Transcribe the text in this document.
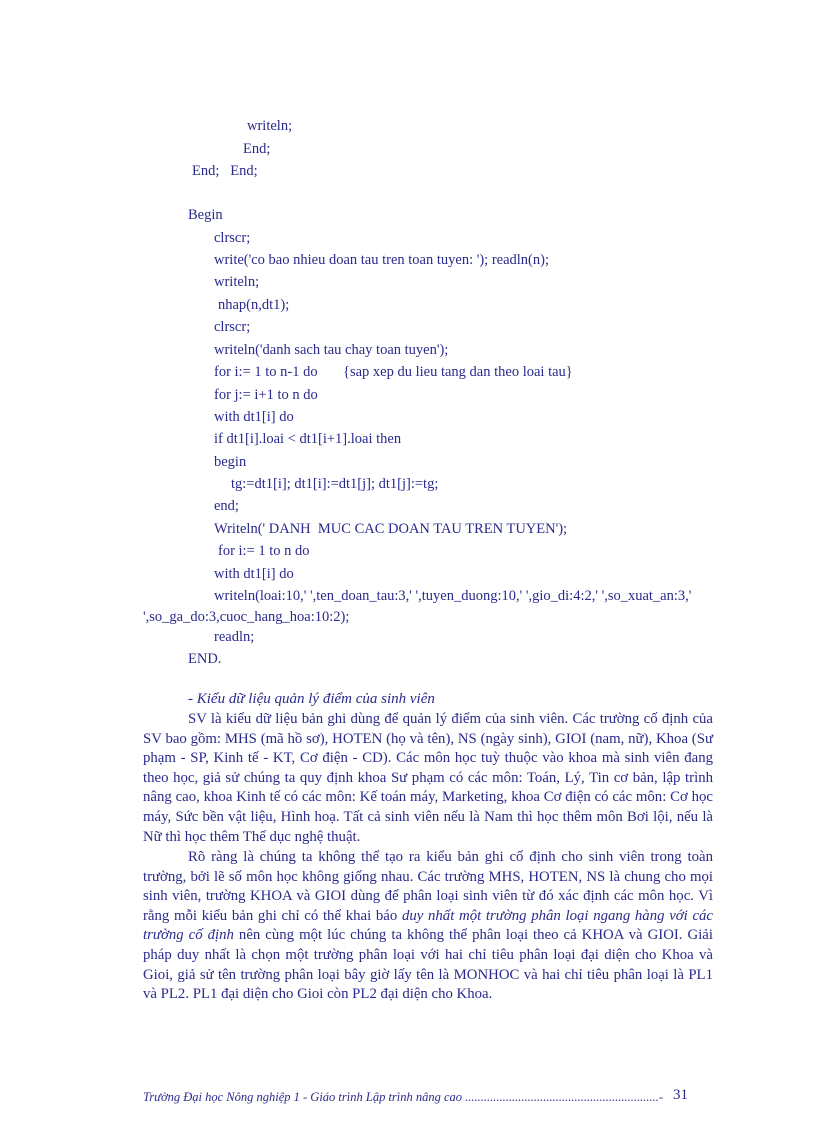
writeln;
End;
End;   End;
Begin
clrscr;
write('co bao nhieu doan tau tren toan tuyen: '); readln(n);
writeln;
nhap(n,dt1);
clrscr;
writeln('danh sach tau chay toan tuyen');
for i:= 1 to n-1 do       {sap xep du lieu tang dan theo loai tau}
for j:= i+1 to n do
with dt1[i] do
if dt1[i].loai < dt1[i+1].loai then
begin
tg:=dt1[i]; dt1[i]:=dt1[j]; dt1[j]:=tg;
end;
Writeln(' DANH  MUC CAC DOAN TAU TREN TUYEN');
for i:= 1 to n do
with dt1[i] do
writeln(loai:10,' ',ten_doan_tau:3,' ',tuyen_duong:10,' ',gio_di:4:2,' ',so_xuat_an:3,'
',so_ga_do:3,cuoc_hang_hoa:10:2);
readln;
END.
- Kiểu dữ liệu quản lý điểm của sinh viên

SV là kiểu dữ liệu bản ghi dùng để quản lý điểm của sinh viên. Các trường cố định của SV bao gồm: MHS (mã hồ sơ), HOTEN (họ và tên), NS (ngày sinh), GIOI (nam, nữ), Khoa (Sư phạm - SP, Kinh tế - KT, Cơ điện - CD). Các môn học tuỳ thuộc vào khoa mà sinh viên đang theo học, giả sử chúng ta quy định khoa Sư phạm có các môn: Toán, Lý, Tin cơ bản, lập trình nâng cao, khoa Kinh tế có các môn: Kế toán máy, Marketing, khoa Cơ điện có các môn: Cơ học máy, Sức bền vật liệu, Hình hoạ. Tất cả sinh viên nếu là Nam thì học thêm môn Bơi lội, nếu là Nữ thì học thêm Thể dục nghệ thuật.

Rõ ràng là chúng ta không thể tạo ra kiểu bản ghi cố định cho sinh viên trong toàn trường, bởi lẽ số môn học không giống nhau. Các trường MHS, HOTEN, NS là chung cho mọi sinh viên, trường KHOA và GIOI dùng để phân loại sinh viên từ đó xác định các môn học. Vì rằng mỗi kiểu bản ghi chỉ có thể khai báo duy nhất một trường phân loại ngang hàng với các trường cố định nên cùng một lúc chúng ta không thể phân loại theo cả KHOA và GIOI. Giải pháp duy nhất là chọn một trường phân loại với hai chỉ tiêu phân loại đại diện cho Khoa và Gioi, giả sử tên trường phân loại bây giờ lấy tên là MONHOC và hai chỉ tiêu phân loại là PL1 và PL2. PL1 đại diện cho Gioi còn PL2 đại diện cho Khoa.

Trường Đại học Nông nghiệp 1 - Giáo trình Lập trình nâng cao ..............................................................- 31
